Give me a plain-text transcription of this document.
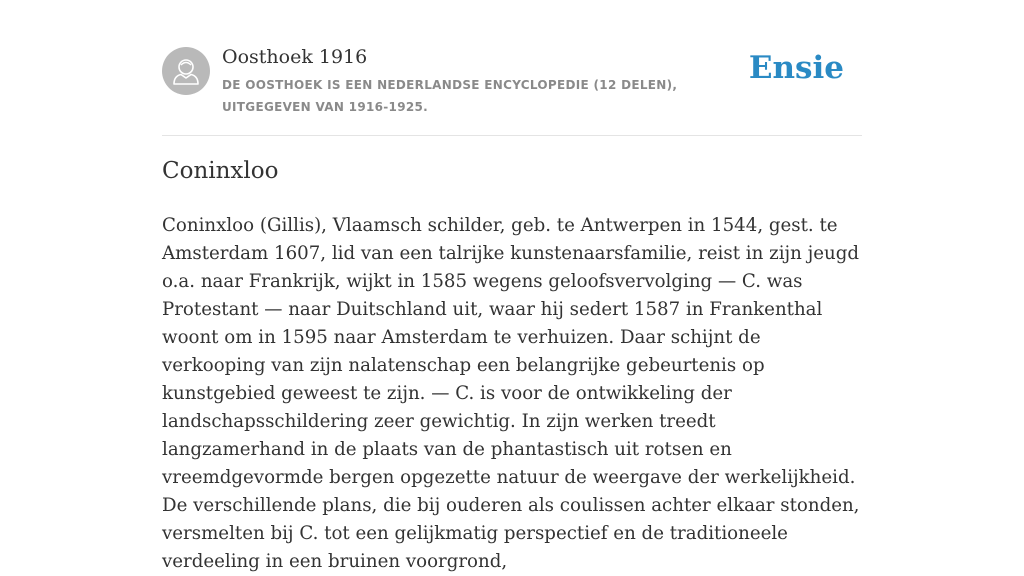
Oosthoek 1916
DE OOSTHOEK IS EEN NEDERLANDSE ENCYCLOPEDIE (12 DELEN), UITGEGEVEN VAN 1916-1925.
Ensie
Coninxloo

Coninxloo (Gillis), Vlaamsch schilder, geb. te Antwerpen in 1544, gest. te Amsterdam 1607, lid van een talrijke kunstenaarsfamilie, reist in zijn jeugd o.a. naar Frankrijk, wijkt in 1585 wegens geloofsvervolging — C. was Protestant — naar Duitschland uit, waar hij sedert 1587 in Frankenthal woont om in 1595 naar Amsterdam te verhuizen. Daar schijnt de verkooping van zijn nalatenschap een belangrijke gebeurtenis op kunstgebied geweest te zijn. — C. is voor de ontwikkeling der landschapsschildering zeer gewichtig. In zijn werken treedt langzamerhand in de plaats van de phantastisch uit rotsen en vreemdgevormde bergen opgezette natuur de weergave der werkelijkheid. De verschillende plans, die bij ouderen als coulissen achter elkaar stonden, versmelten bij C. tot een gelijkmatig perspectief en de traditioneele verdeeling in een bruinen voorgrond,
